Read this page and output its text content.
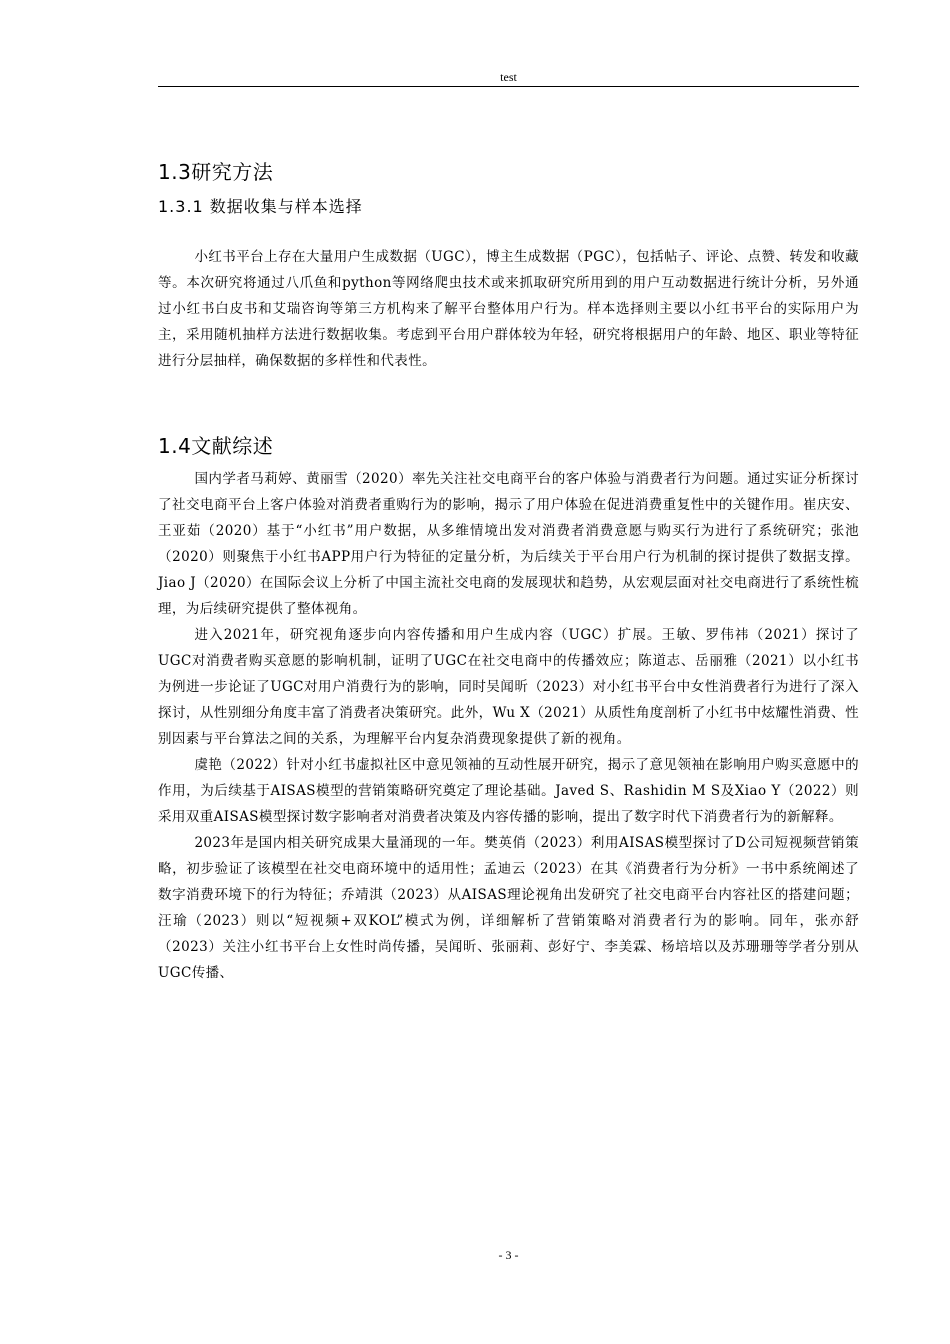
test
1.3研究方法
1.3.1 数据收集与样本选择

小红书平台上存在大量用户生成数据（UGC），博主生成数据（PGC），包括帖子、评论、点赞、转发和收藏等。本次研究将通过八爪鱼和python等网络爬虫技术或来抓取研究所用到的用户互动数据进行统计分析，另外通过小红书白皮书和艾瑞咨询等第三方机构来了解平台整体用户行为。样本选择则主要以小红书平台的实际用户为主，采用随机抽样方法进行数据收集。考虑到平台用户群体较为年轻，研究将根据用户的年龄、地区、职业等特征进行分层抽样，确保数据的多样性和代表性。

1.4文献综述

国内学者马莉婷、黄丽雪（2020）率先关注社交电商平台的客户体验与消费者行为问题。通过实证分析探讨了社交电商平台上客户体验对消费者重购行为的影响，揭示了用户体验在促进消费重复性中的关键作用。崔庆安、王亚茹（2020）基于“小红书”用户数据，从多维情境出发对消费者消费意愿与购买行为进行了系统研究；张池（2020）则聚焦于小红书APP用户行为特征的定量分析，为后续关于平台用户行为机制的探讨提供了数据支撑。Jiao J（2020）在国际会议上分析了中国主流社交电商的发展现状和趋势，从宏观层面对社交电商进行了系统性梳理，为后续研究提供了整体视角。

进入2021年，研究视角逐步向内容传播和用户生成内容（UGC）扩展。王敏、罗伟祎（2021）探讨了UGC对消费者购买意愿的影响机制，证明了UGC在社交电商中的传播效应；陈道志、岳丽雅（2021）以小红书为例进一步论证了UGC对用户消费行为的影响，同时吴闻昕（2023）对小红书平台中女性消费者行为进行了深入探讨，从性别细分角度丰富了消费者决策研究。此外，Wu X（2021）从质性角度剖析了小红书中炫耀性消费、性别因素与平台算法之间的关系，为理解平台内复杂消费现象提供了新的视角。

虞艳（2022）针对小红书虚拟社区中意见领袖的互动性展开研究，揭示了意见领袖在影响用户购买意愿中的作用，为后续基于AISAS模型的营销策略研究奠定了理论基础。Javed S、Rashidin M S及Xiao Y（2022）则采用双重AISAS模型探讨数字影响者对消费者决策及内容传播的影响，提出了数字时代下消费者行为的新解释。

2023年是国内相关研究成果大量涌现的一年。樊英俏（2023）利用AISAS模型探讨了D公司短视频营销策略，初步验证了该模型在社交电商环境中的适用性；孟迪云（2023）在其《消费者行为分析》一书中系统阐述了数字消费环境下的行为特征；乔靖淇（2023）从AISAS理论视角出发研究了社交电商平台内容社区的搭建问题；汪瑜（2023）则以“短视频+双KOL”模式为例，详细解析了营销策略对消费者行为的影响。同年，张亦舒（2023）关注小红书平台上女性时尚传播，吴闻昕、张丽莉、彭好宁、李美霖、杨培培以及苏珊珊等学者分别从UGC传播、

- 3 -
